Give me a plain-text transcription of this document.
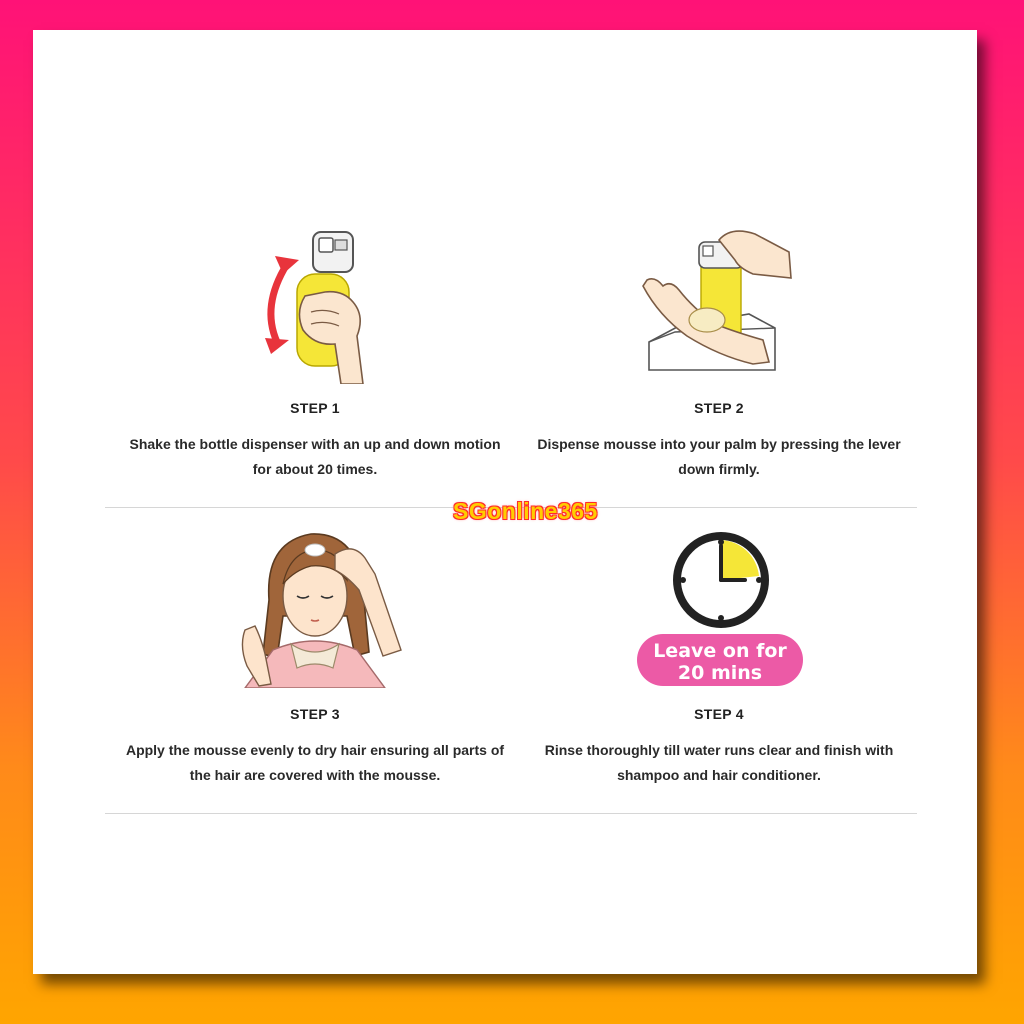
STEP 1
Shake the bottle dispenser with an up and down motion for about 20 times.
STEP 2
Dispense mousse into your palm by pressing the lever down firmly.
STEP 3
Apply the mousse evenly to dry hair ensuring all parts of the hair are covered with the mousse.
Leave on for
20 mins
STEP 4
Rinse thoroughly till water runs clear and finish with shampoo and hair conditioner.
SGonline365
